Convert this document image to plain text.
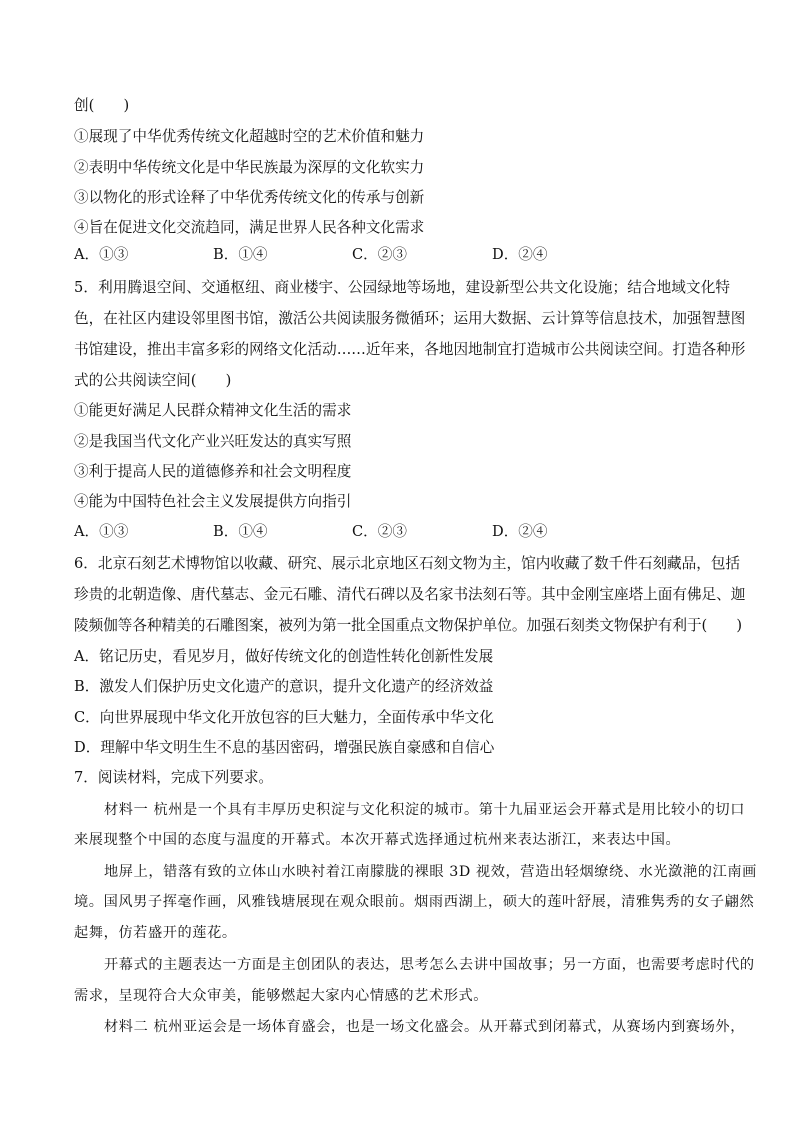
创(　　)
①展现了中华优秀传统文化超越时空的艺术价值和魅力
②表明中华传统文化是中华民族最为深厚的文化软实力
③以物化的形式诠释了中华优秀传统文化的传承与创新
④旨在促进文化交流趋同，满足世界人民各种文化需求
A．①③	B．①④	C．②③	D．②④
5．利用腾退空间、交通枢纽、商业楼宇、公园绿地等场地，建设新型公共文化设施；结合地域文化特
色，在社区内建设邻里图书馆，激活公共阅读服务微循环；运用大数据、云计算等信息技术，加强智慧图
书馆建设，推出丰富多彩的网络文化活动……近年来，各地因地制宜打造城市公共阅读空间。打造各种形
式的公共阅读空间(　　)
①能更好满足人民群众精神文化生活的需求
②是我国当代文化产业兴旺发达的真实写照
③利于提高人民的道德修养和社会文明程度
④能为中国特色社会主义发展提供方向指引
A．①③	B．①④	C．②③	D．②④
6．北京石刻艺术博物馆以收藏、研究、展示北京地区石刻文物为主，馆内收藏了数千件石刻藏品，包括
珍贵的北朝造像、唐代墓志、金元石雕、清代石碑以及名家书法刻石等。其中金刚宝座塔上面有佛足、迦
陵频伽等各种精美的石雕图案，被列为第一批全国重点文物保护单位。加强石刻类文物保护有利于(　　)
A．铭记历史，看见岁月，做好传统文化的创造性转化创新性发展
B．激发人们保护历史文化遗产的意识，提升文化遗产的经济效益
C．向世界展现中华文化开放包容的巨大魅力，全面传承中华文化
D．理解中华文明生生不息的基因密码，增强民族自豪感和自信心
7．阅读材料，完成下列要求。
材料一 杭州是一个具有丰厚历史积淀与文化积淀的城市。第十九届亚运会开幕式是用比较小的切口
来展现整个中国的态度与温度的开幕式。本次开幕式选择通过杭州来表达浙江，来表达中国。
地屏上，错落有致的立体山水映衬着江南朦胧的裸眼 3D 视效，营造出轻烟缭绕、水光潋滟的江南画
境。国风男子挥毫作画，风雅钱塘展现在观众眼前。烟雨西湖上，硕大的莲叶舒展，清雅隽秀的女子翩然
起舞，仿若盛开的莲花。
开幕式的主题表达一方面是主创团队的表达，思考怎么去讲中国故事；另一方面，也需要考虑时代的
需求，呈现符合大众审美，能够燃起大家内心情感的艺术形式。
材料二 杭州亚运会是一场体育盛会，也是一场文化盛会。从开幕式到闭幕式，从赛场内到赛场外，
